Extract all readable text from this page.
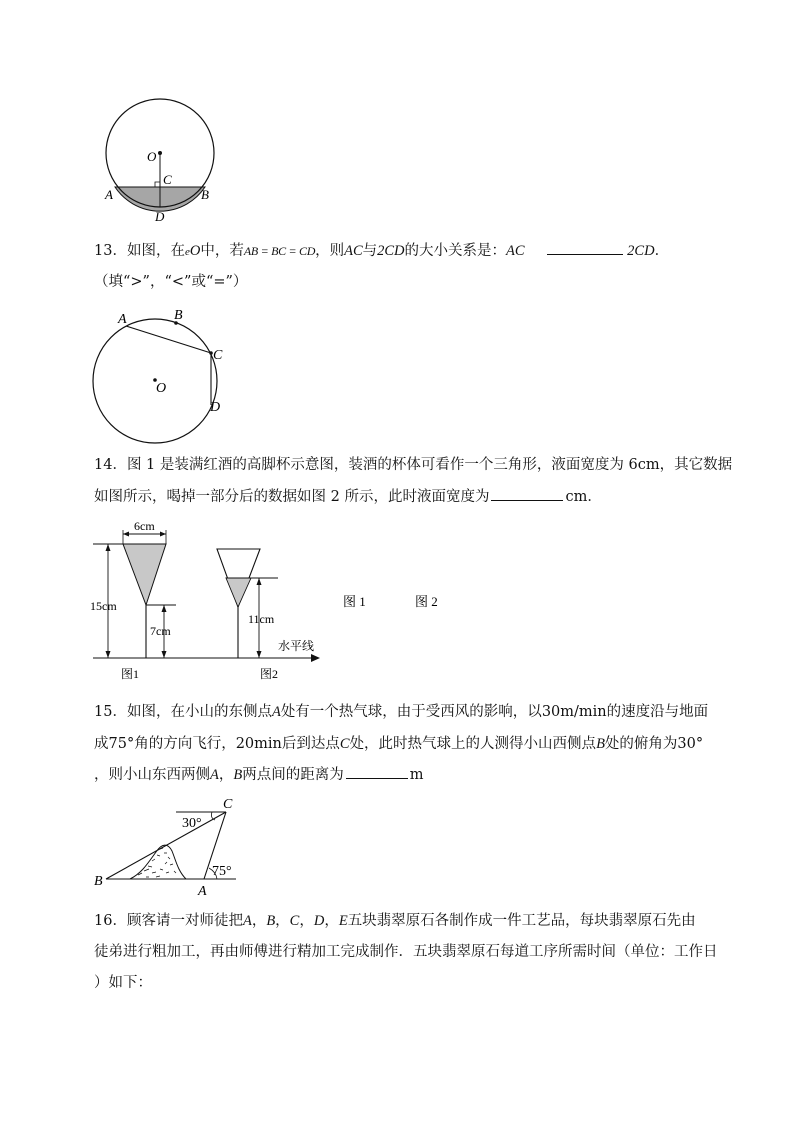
O
C
A	B
D
13．如图，在eO中，若AB = BC = CD，则AC与2CD的大小关系是：AC	2CD．
（填“>”，“<”或“=”）
A	B
C
D
O
14．图 1 是装满红酒的高脚杯示意图，装酒的杯体可看作一个三角形，液面宽度为 6cm，其它数据
如图所示，喝掉一部分后的数据如图 2 所示，此时液面宽度为	cm．
6cm
15cm
7cm
11cm
水平线
图1	图2
图 1	图 2
15．如图，在小山的东侧点A处有一个热气球，由于受西风的影响，以30m/min的速度沿与地面
成75°角的方向飞行，20min后到达点C处，此时热气球上的人测得小山西侧点B处的俯角为30°
，则小山东西两侧A，B两点间的距离为	m
C
B
A
30°
75°
16．顾客请一对师徒把A，B，C，D，E五块翡翠原石各制作成一件工艺品，每块翡翠原石先由
徒弟进行粗加工，再由师傅进行精加工完成制作．五块翡翠原石每道工序所需时间（单位：工作日
）如下：
